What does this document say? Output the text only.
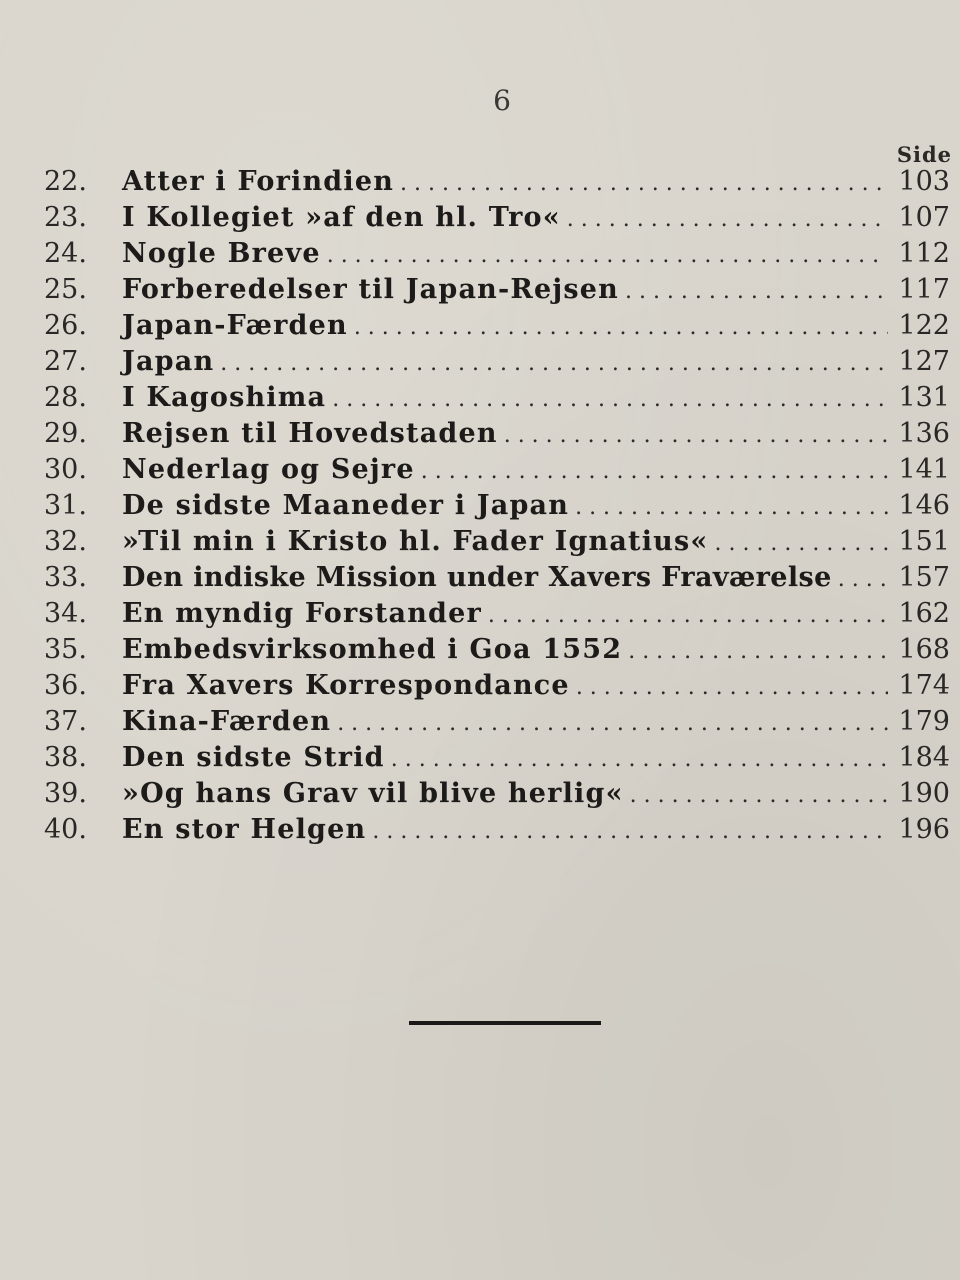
6
Side
22.	Atter i Forindien . . .	103
23.	I Kollegiet »af den hl. Tro« . . .	107
24.	Nogle Breve . . .	112
25.	Forberedelser til Japan-Rejsen . . .	117
26.	Japan-Færden . . .	122
27.	Japan . . .	127
28.	I Kagoshima . . .	131
29.	Rejsen til Hovedstaden . . .	136
30.	Nederlag og Sejre . . .	141
31.	De sidste Maaneder i Japan . . .	146
32.	»Til min i Kristo hl. Fader Ignatius« . . .	151
33.	Den indiske Mission under Xavers Fraværelse . . .	157
34.	En myndig Forstander . . .	162
35.	Embedsvirksomhed i Goa 1552 . . .	168
36.	Fra Xavers Korrespondance . . .	174
37.	Kina-Færden . . .	179
38.	Den sidste Strid . . .	184
39.	»Og hans Grav vil blive herlig« . . .	190
40.	En stor Helgen . . .	196
